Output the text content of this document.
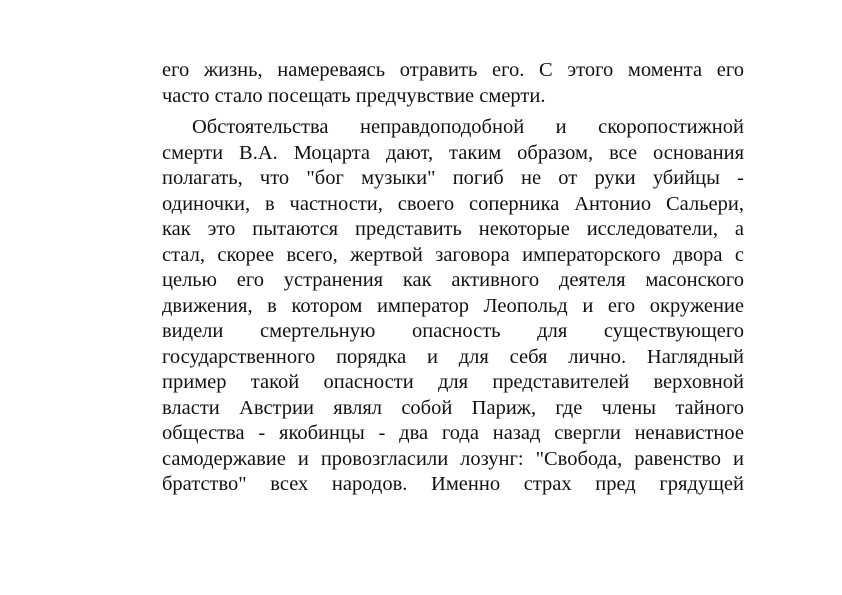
его жизнь, намереваясь отравить его. С этого момента его
часто стало посещать предчувствие смерти.
Обстоятельства неправдоподобной и скоропостижной
смерти В.А. Моцарта дают, таким образом, все основания
полагать, что "бог музыки" погиб не от руки убийцы -
одиночки, в частности, своего соперника Антонио Сальери,
как это пытаются представить некоторые исследователи, а
стал, скорее всего, жертвой заговора императорского двора с
целью его устранения как активного деятеля масонского
движения, в котором император Леопольд и его окружение
видели смертельную опасность для существующего
государственного порядка и для себя лично. Наглядный
пример такой опасности для представителей верховной
власти Австрии являл собой Париж, где члены тайного
общества - якобинцы - два года назад свергли ненавистное
самодержавие и провозгласили лозунг: "Свобода, равенство и
братство" всех народов. Именно страх пред грядущей
